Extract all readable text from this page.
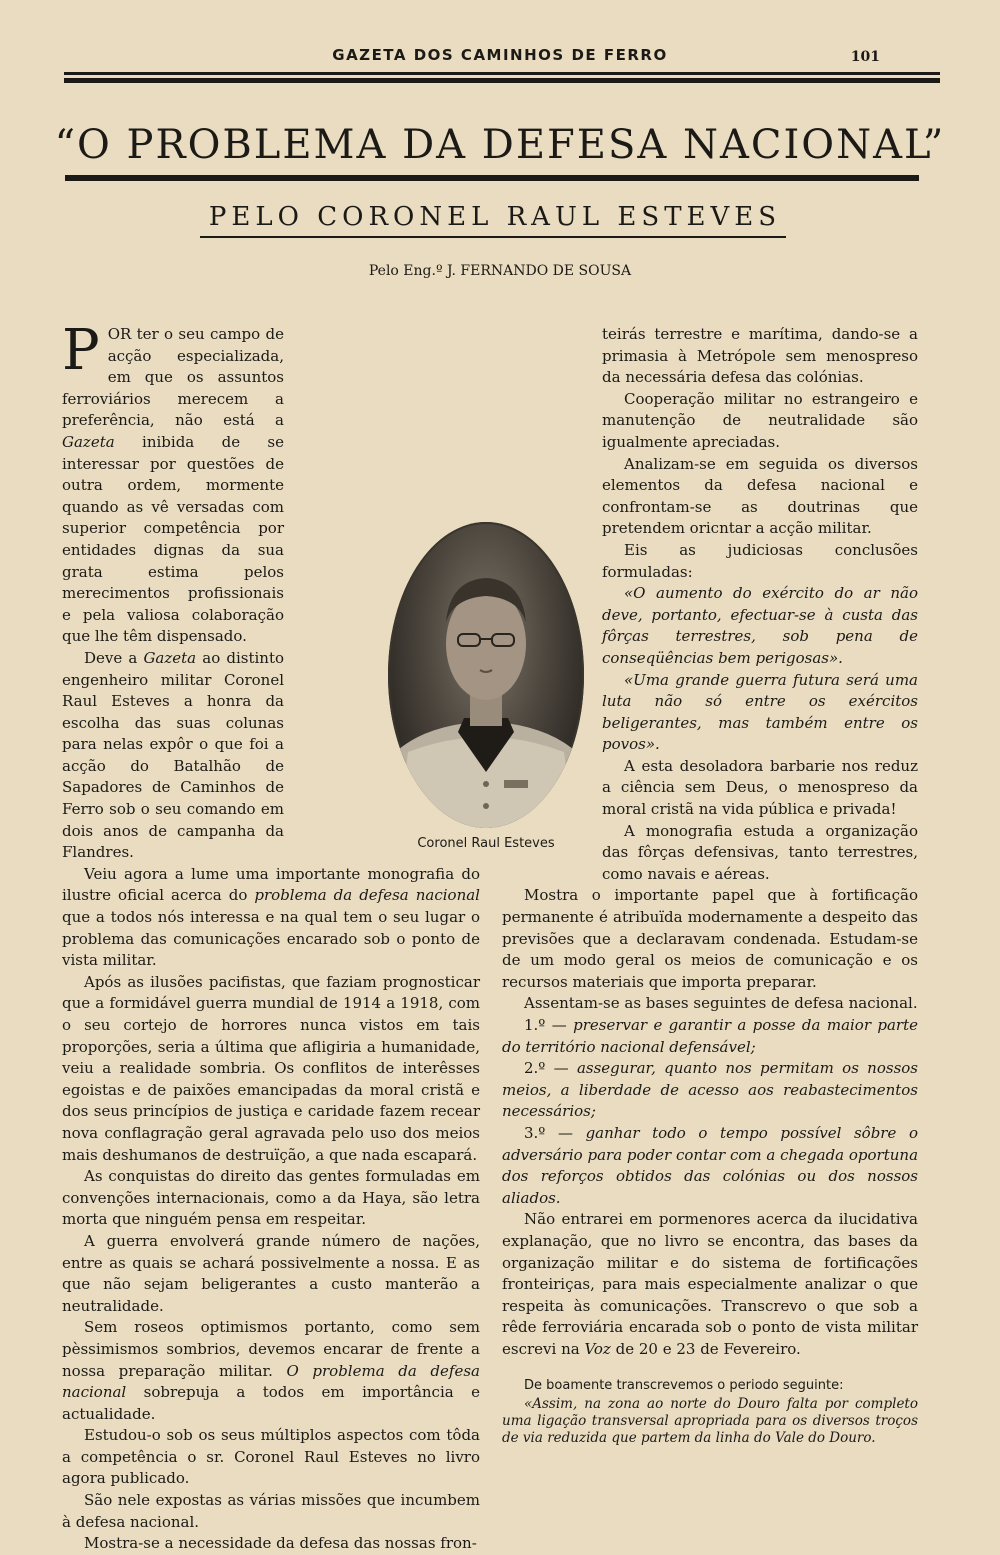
GAZETA DOS CAMINHOS DE FERRO	101
“O PROBLEMA DA DEFESA NACIONAL”
PELO CORONEL RAUL ESTEVES
Pelo Eng.º J. FERNANDO DE SOUSA

POR ter o seu campo de acção especializada, em que os assuntos ferroviários merecem a preferência, não está a Gazeta inibida de se interessar por questões de outra ordem, mormente quando as vê versadas com superior competência por entidades dignas da sua grata estima pelos merecimentos profissionais e pela valiosa colaboração que lhe têm dispensado.

Deve a Gazeta ao distinto engenheiro militar Coronel Raul Esteves a honra da escolha das suas colunas para nelas expôr o que foi a acção do Batalhão de Sapadores de Caminhos de Ferro sob o seu comando em dois anos de campanha da Flandres.

Veiu agora a lume uma importante monografia do ilustre oficial acerca do problema da defesa nacional que a todos nós interessa e na qual tem o seu lugar o problema das comunicações encarado sob o ponto de vista militar.

Após as ilusões pacifistas, que faziam prognosticar que a formidável guerra mundial de 1914 a 1918, com o seu cortejo de horrores nunca vistos em tais proporções, seria a última que afligiria a humanidade, veiu a realidade sombria. Os conflitos de interêsses egoistas e de paixões emancipadas da moral cristã e dos seus princípios de justiça e caridade fazem recear nova conflagração geral agravada pelo uso dos meios mais deshumanos de destruïção, a que nada escapará.

As conquistas do direito das gentes formuladas em convenções internacionais, como a da Haya, são letra morta que ninguém pensa em respeitar.

A guerra envolverá grande número de nações, entre as quais se achará possivelmente a nossa. E as que não sejam beligerantes a custo manterão a neutralidade.

Sem roseos optimismos portanto, como sem pèssimismos sombrios, devemos encarar de frente a nossa preparação militar. O problema da defesa nacional sobrepuja a todos em importância e actualidade.

Estudou-o sob os seus múltiplos aspectos com tôda a competência o sr. Coronel Raul Esteves no livro agora publicado.

São nele expostas as várias missões que incumbem à defesa nacional.

Mostra-se a necessidade da defesa das nossas fron-

teirás terrestre e marítima, dando-se a primasia à Metrópole sem menospreso da necessária defesa das colónias.

Cooperação militar no estrangeiro e manutenção de neutralidade são igualmente apreciadas.

Analizam-se em seguida os diversos elementos da defesa nacional e confrontam-se as doutrinas que pretendem oricntar a acção militar.

Eis as judiciosas conclusões formuladas:

«O aumento do exército do ar não deve, portanto, efectuar-se à custa das fôrças terrestres, sob pena de conseqüências bem perigosas».

«Uma grande guerra futura será uma luta não só entre os exércitos beligerantes, mas também entre os povos».

A esta desoladora barbarie nos reduz a ciência sem Deus, o menospreso da moral cristã na vida pública e privada!

A monografia estuda a organização das fôrças defensivas, tanto terrestres, como navais e aéreas.

Mostra o importante papel que à fortificação permanente é atribuïda modernamente a despeito das previsões que a declaravam condenada. Estudam-se de um modo geral os meios de comunicação e os recursos materiais que importa preparar.

Assentam-se as bases seguintes de defesa nacional.

1.º — preservar e garantir a posse da maior parte do território nacional defensável;

2.º — assegurar, quanto nos permitam os nossos meios, a liberdade de acesso aos reabastecimentos necessários;

3.º — ganhar todo o tempo possível sôbre o adversário para poder contar com a chegada oportuna dos reforços obtidos das colónias ou dos nossos aliados.

Não entrarei em pormenores acerca da ilucidativa explanação, que no livro se encontra, das bases da organização militar e do sistema de fortificações fronteiriças, para mais especialmente analizar o que respeita às comunicações. Transcrevo o que sob a rêde ferroviária encarada sob o ponto de vista militar escrevi na Voz de 20 e 23 de Fevereiro.

De boamente transcrevemos o periodo seguinte:

«Assim, na zona ao norte do Douro falta por completo uma ligação transversal apropriada para os diversos troços de via reduzida que partem da linha do Vale do Douro.

Coronel Raul Esteves
